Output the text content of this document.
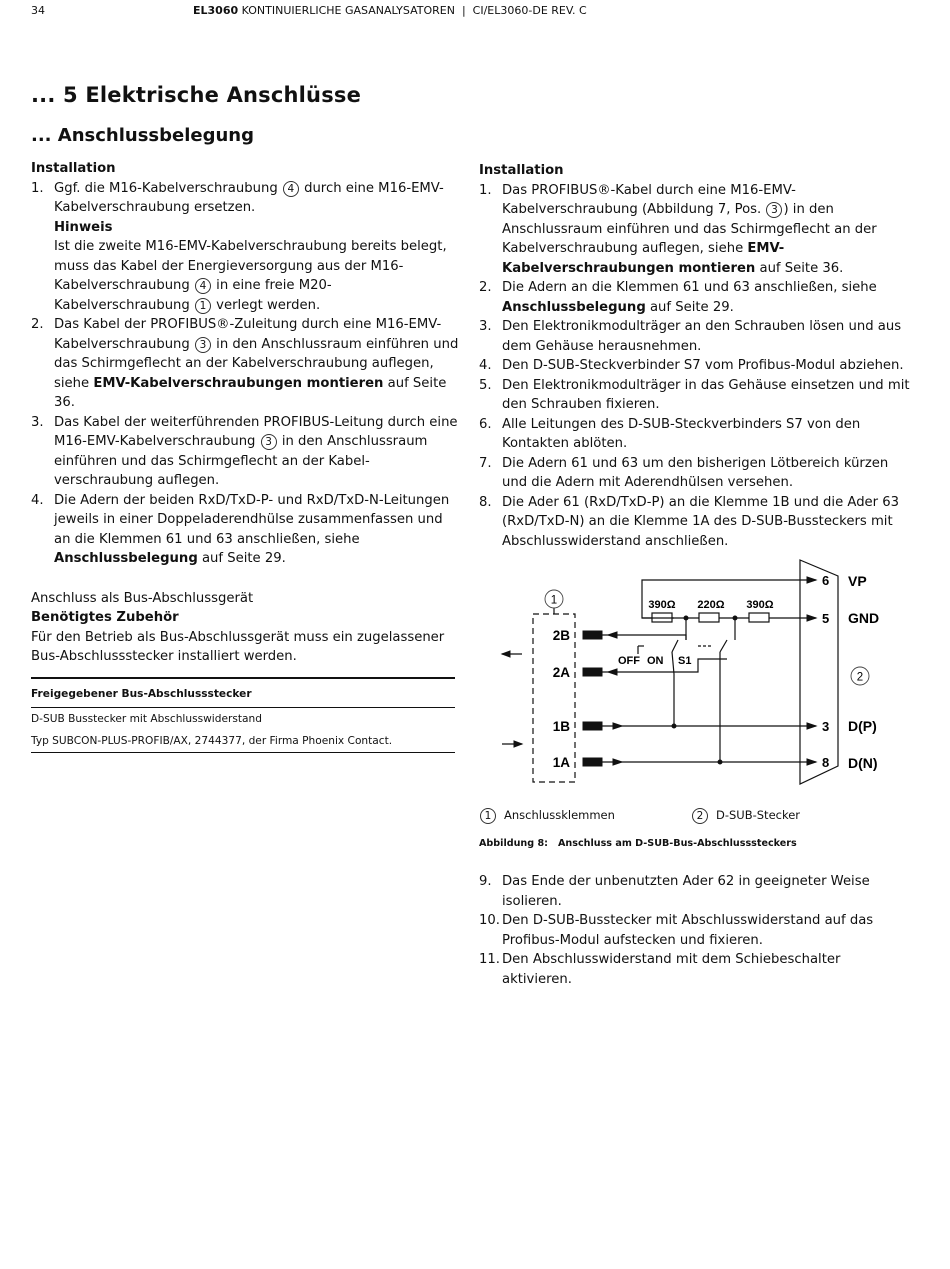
34	EL3060 KONTINUIERLICHE GASANALYSATOREN | CI/EL3060-DE REV. C
... 5 Elektrische Anschlüsse
... Anschlussbelegung

Installation

1. Ggf. die M16-Kabelverschraubung 4 durch eine M16-EMV-Kabelverschraubung ersetzen.
Hinweis
Ist die zweite M16-EMV-Kabelverschraubung bereits belegt, muss das Kabel der Energieversorgung aus der M16-Kabelverschraubung 4 in eine freie M20-Kabelverschraubung 1 verlegt werden.
2. Das Kabel der PROFIBUS®-Zuleitung durch eine M16-EMV-Kabelverschraubung 3 in den Anschlussraum einführen und das Schirmgeflecht an der Kabelverschraubung auflegen, siehe EMV-Kabelverschraubungen montieren auf Seite 36.
3. Das Kabel der weiterführenden PROFIBUS-Leitung durch eine M16-EMV-Kabelverschraubung 3 in den Anschlussraum einführen und das Schirmgeflecht an der Kabel-verschraubung auflegen.
4. Die Adern der beiden RxD/TxD-P- und RxD/TxD-N-Leitungen jeweils in einer Doppeladerendhülse zusammenfassen und an die Klemmen 61 und 63 anschließen, siehe Anschlussbelegung auf Seite 29.

Anschluss als Bus-Abschlussgerät

Benötigtes Zubehör

Für den Betrieb als Bus-Abschlussgerät muss ein zugelassener Bus-Abschlussstecker installiert werden.

Freigegebener Bus-Abschlussstecker
D-SUB Busstecker mit Abschlusswiderstand
Typ SUBCON-PLUS-PROFIB/AX, 2744377, der Firma Phoenix Contact.

Installation

1. Das PROFIBUS®-Kabel durch eine M16-EMV-Kabelverschraubung (Abbildung 7, Pos. 3 ) in den Anschlussraum einführen und das Schirmgeflecht an der Kabelverschraubung auflegen, siehe EMV-Kabelverschraubungen montieren auf Seite 36.
2. Die Adern an die Klemmen 61 und 63 anschließen, siehe Anschlussbelegung auf Seite 29.
3. Den Elektronikmodulträger an den Schrauben lösen und aus dem Gehäuse herausnehmen.
4. Den D-SUB-Steckverbinder S7 vom Profibus-Modul abziehen.
5. Den Elektronikmodulträger in das Gehäuse einsetzen und mit den Schrauben fixieren.
6. Alle Leitungen des D-SUB-Steckverbinders S7 von den Kontakten ablöten.
7. Die Adern 61 und 63 um den bisherigen Lötbereich kürzen und die Adern mit Aderendhülsen versehen.
8. Die Ader 61 (RxD/TxD-P) an die Klemme 1B und die Ader 63 (RxD/TxD-N) an die Klemme 1A des D-SUB-Bussteckers mit Abschlusswiderstand anschließen.
1
2
2B
2A
1B
1A
6
5
3
8
VP
GND
D(P)
D(N)
390Ω 220Ω 390Ω
OFF ON S1
1 Anschlussklemmen	2 D-SUB-Stecker
Abbildung 8: Anschluss am D-SUB-Bus-Abschlusssteckers
9. Das Ende der unbenutzten Ader 62 in geeigneter Weise isolieren.
10. Den D-SUB-Busstecker mit Abschlusswiderstand auf das Profibus-Modul aufstecken und fixieren.
11. Den Abschlusswiderstand mit dem Schiebeschalter aktivieren.
